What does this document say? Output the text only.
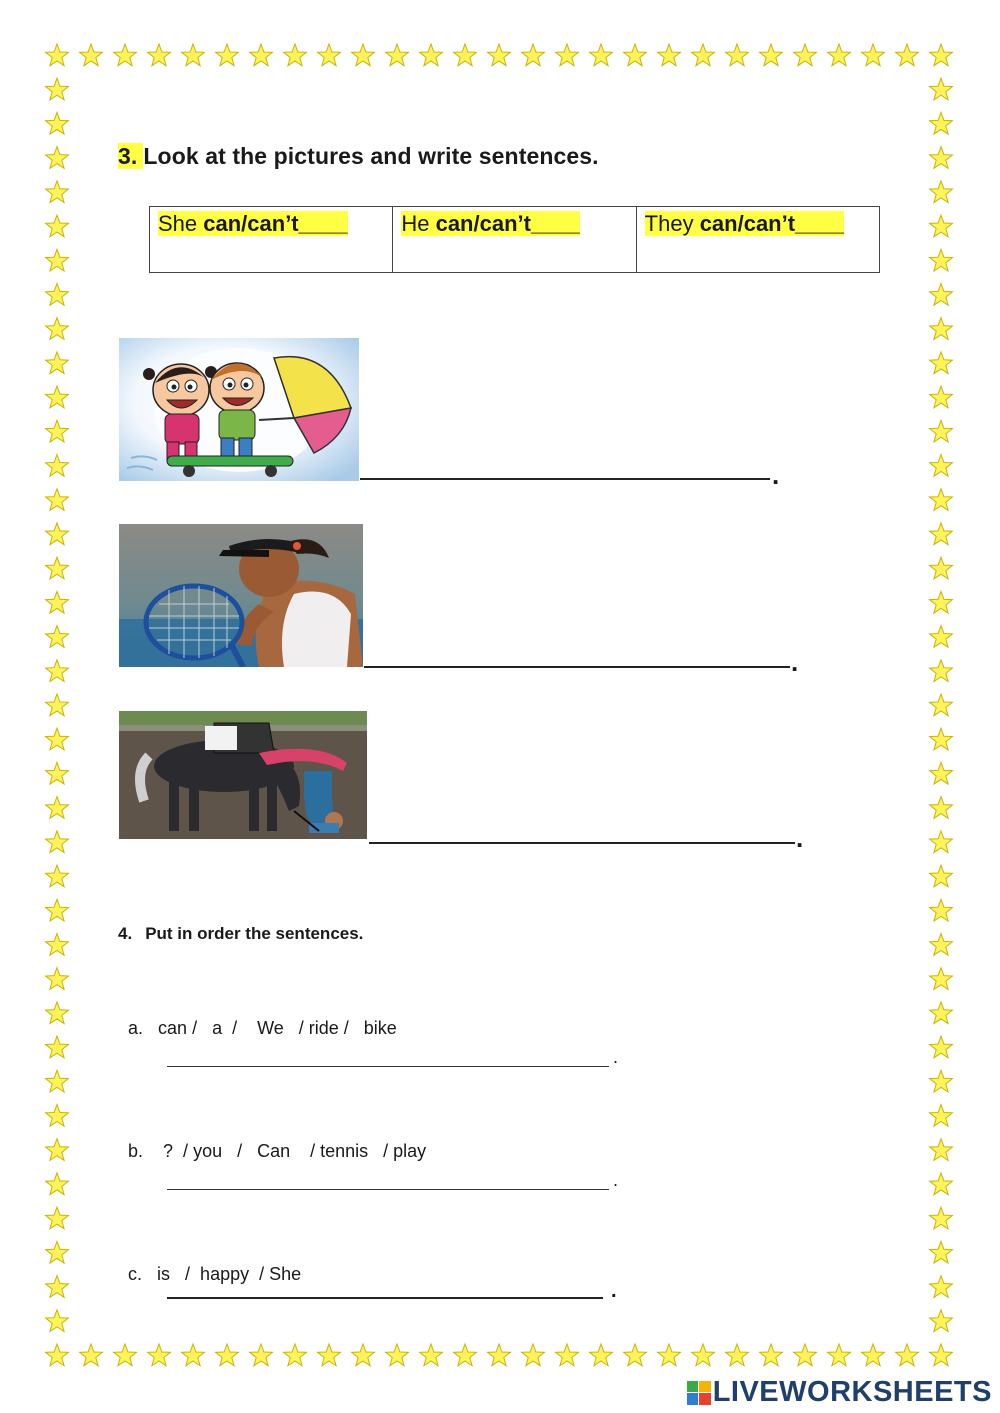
3. Look at the pictures and write sentences.
She can/can’t____	He can/can’t____	They can/can’t____
.
.
.
4. Put in order the sentences.

a. can /   a  /    We   / ride /   bike

.

b.    ?  / you   /   Can    / tennis   / play

.

c. is   /  happy  / She

.
LIVEWORKSHEETS
